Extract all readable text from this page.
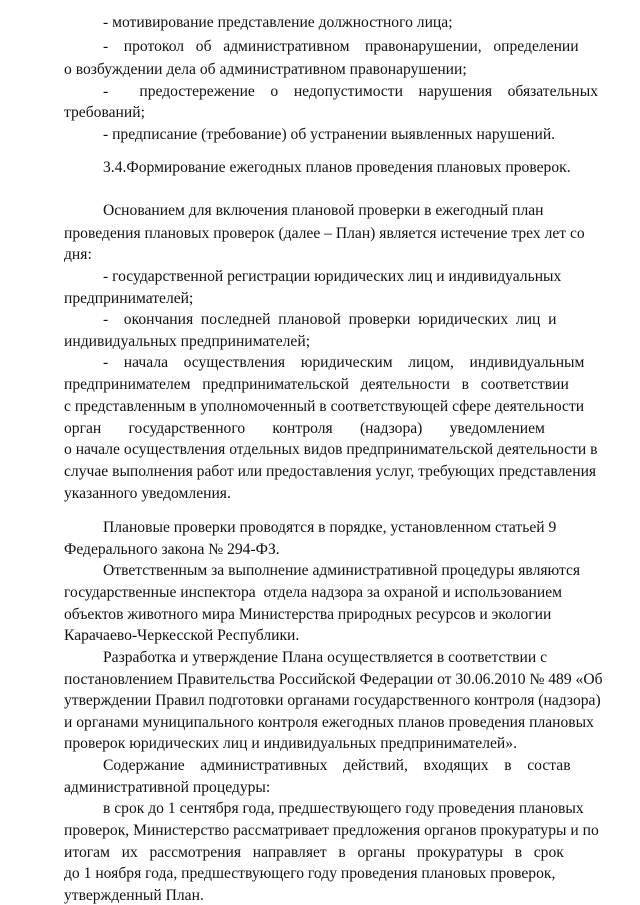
- мотивирование представление должностного лица;
-    протокол   об   административном    правонарушении,   определении
о возбуждении дела об административном правонарушении;
-        предостережение    о    недопустимости    нарушения    обязательных
требований;
- предписание (требование) об устранении выявленных нарушений.
3.4.Формирование ежегодных планов проведения плановых проверок.
Основанием для включения плановой проверки в ежегодный план
проведения плановых проверок (далее – План) является истечение трех лет со
дня:
- государственной регистрации юридических лиц и индивидуальных
предпринимателей;
-    окончания  последней  плановой  проверки  юридических  лиц  и
индивидуальных предпринимателей;
-    начала    осуществления    юридическим    лицом,    индивидуальным
предпринимателем   предпринимательской   деятельности   в   соответствии
с представленным в уполномоченный в соответствующей сфере деятельности
орган       государственного       контроля       (надзора)       уведомлением
о начале осуществления отдельных видов предпринимательской деятельности в
случае выполнения работ или предоставления услуг, требующих представления
указанного уведомления.
Плановые проверки проводятся в порядке, установленном статьей 9
Федерального закона № 294-ФЗ.
Ответственным за выполнение административной процедуры являются
государственные инспектора  отдела надзора за охраной и использованием
объектов животного мира Министерства природных ресурсов и экологии
Карачаево-Черкесской Республики.
Разработка и утверждение Плана осуществляется в соответствии с
постановлением Правительства Российской Федерации от 30.06.2010 № 489 «Об
утверждении Правил подготовки органами государственного контроля (надзора)
и органами муниципального контроля ежегодных планов проведения плановых
проверок юридических лиц и индивидуальных предпринимателей».
Содержание    административных    действий,    входящих    в    состав
административной процедуры:
в срок до 1 сентября года, предшествующего году проведения плановых
проверок, Министерство рассматривает предложения органов прокуратуры и по
итогам   их   рассмотрения   направляет   в   органы   прокуратуры   в   срок
до 1 ноября года, предшествующего году проведения плановых проверок,
утвержденный План.
